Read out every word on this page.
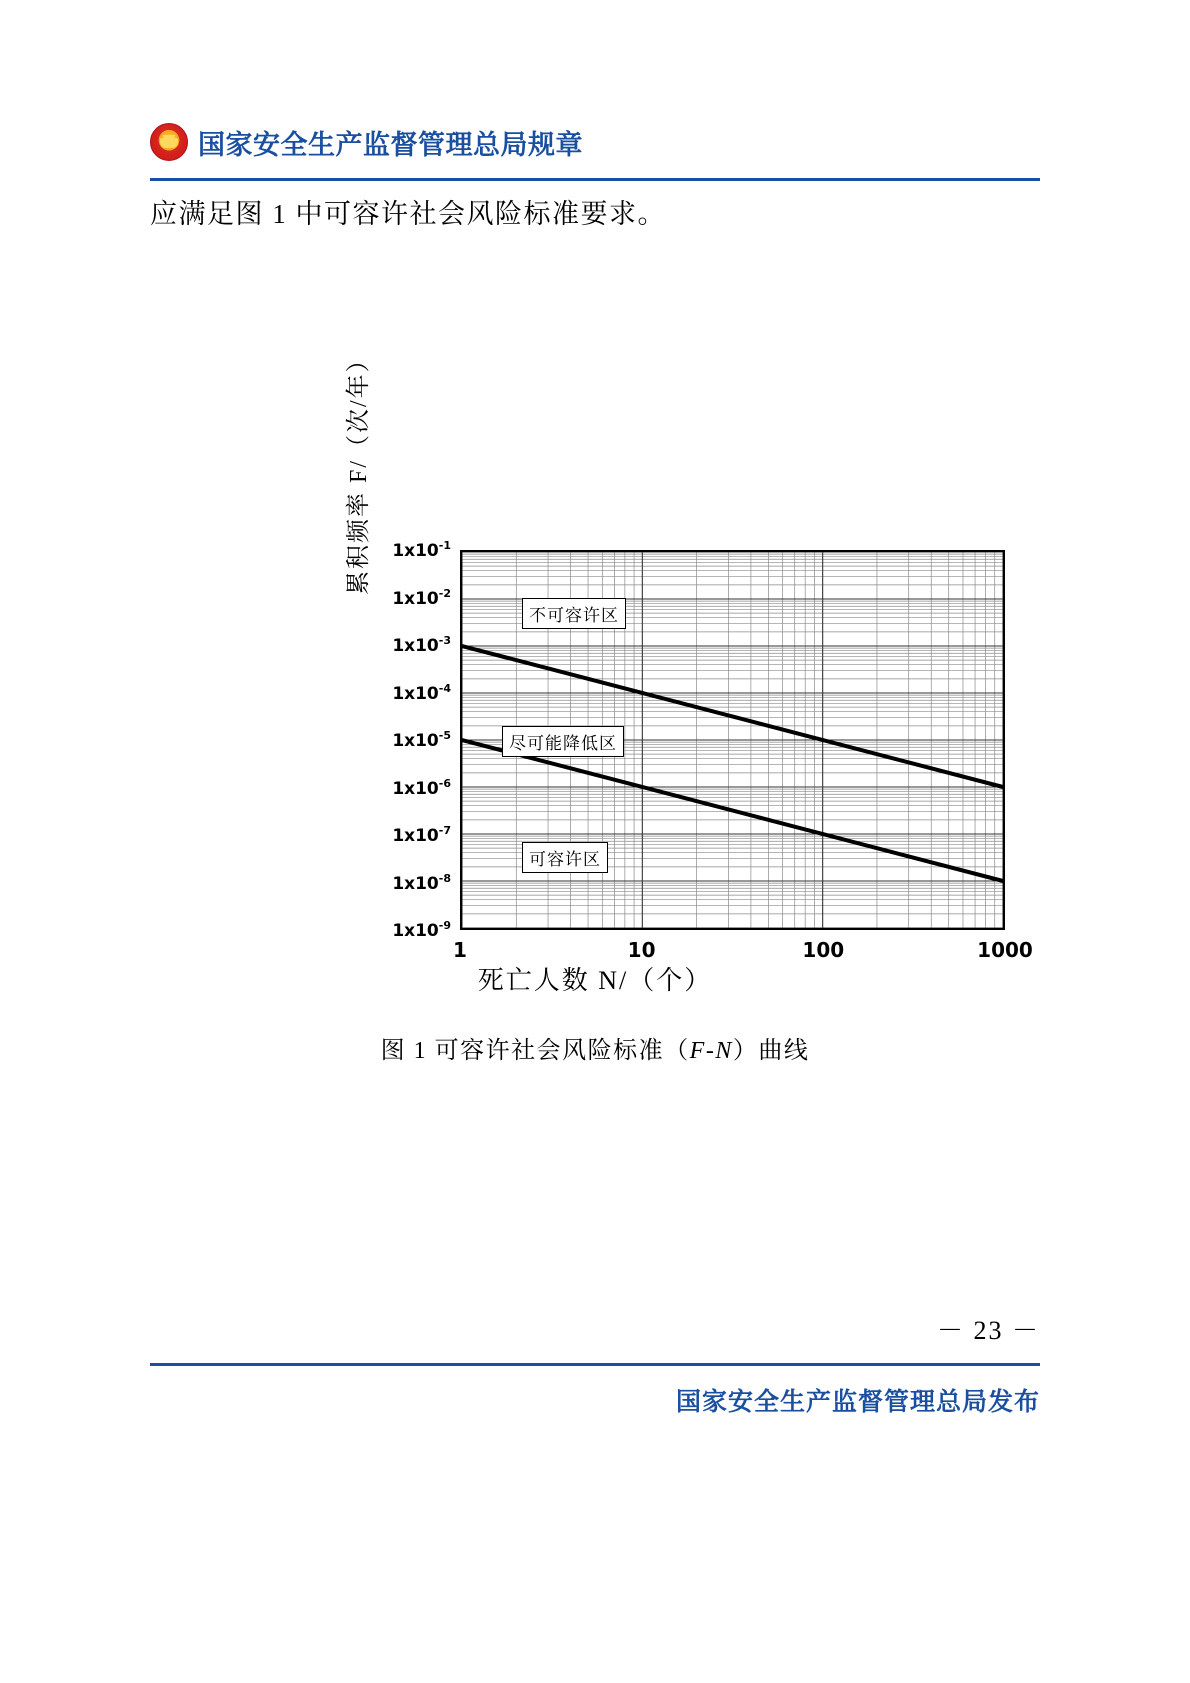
国家安全生产监督管理总局规章
应满足图 1 中可容许社会风险标准要求。
累积频率 F/（次/年） $1x10^{-1}$
$1x10^{-2}$
$1x10^{-3}$
$1x10^{-4}$
$1x10^{-5}$
$1x10^{-6}$
$1x10^{-7}$
$1x10^{-8}$
$1x10^{-9}$
1	10	100	1000
不可容许区
尽可能降低区
可容许区
死亡人数 N/（个）
图 1 可容许社会风险标准（F-N）曲线
－ 23 －
国家安全生产监督管理总局发布
